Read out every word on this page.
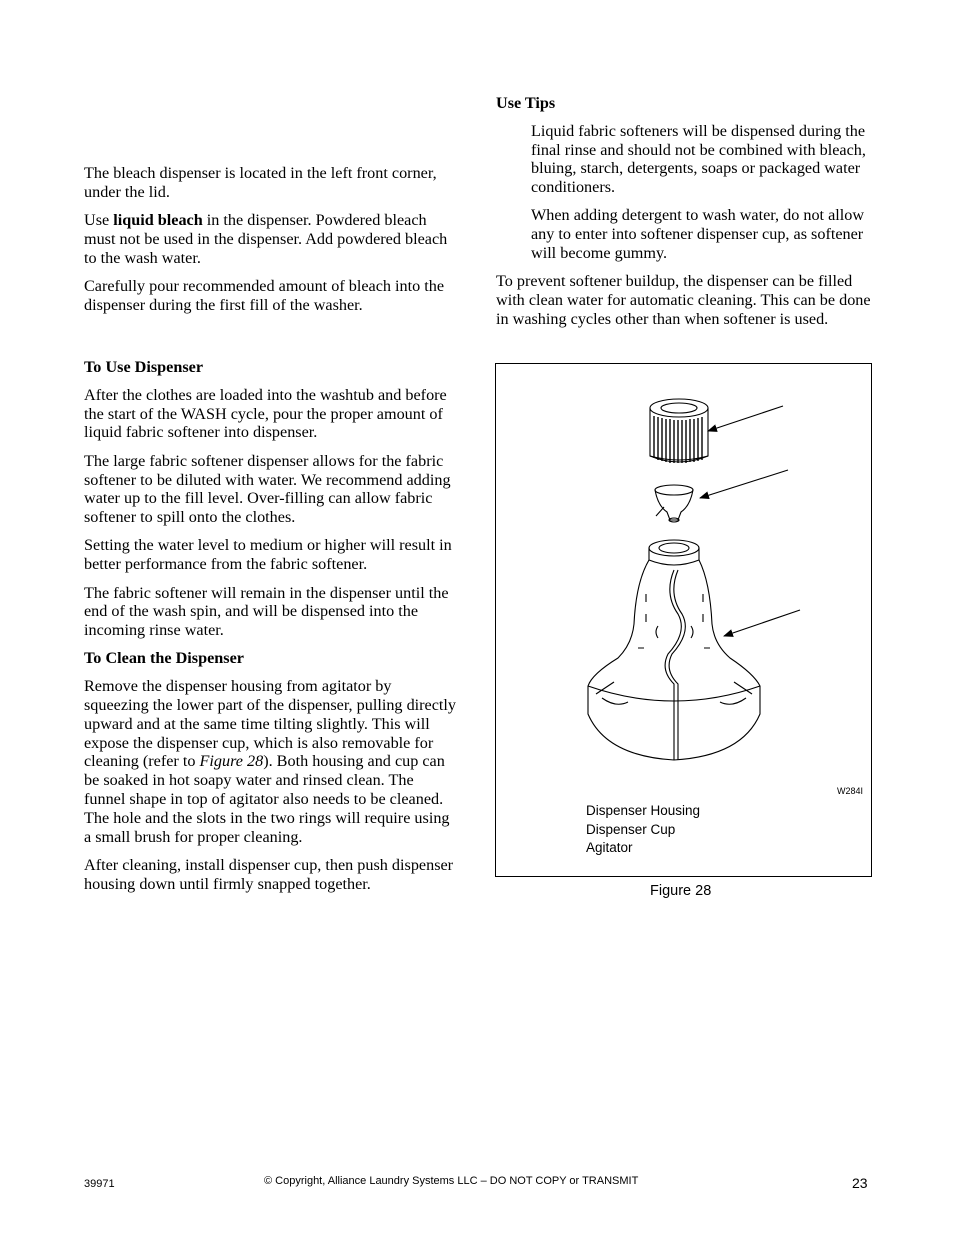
The bleach dispenser is located in the left front corner, under the lid.

Use liquid bleach in the dispenser. Powdered bleach must not be used in the dispenser. Add powdered bleach to the wash water.

Carefully pour recommended amount of bleach into the dispenser during the first fill of the washer.

To Use Dispenser

After the clothes are loaded into the washtub and before the start of the WASH cycle, pour the proper amount of liquid fabric softener into dispenser.

The large fabric softener dispenser allows for the fabric softener to be diluted with water. We recommend adding water up to the fill level. Over-filling can allow fabric softener to spill onto the clothes.

Setting the water level to medium or higher will result in better performance from the fabric softener.

The fabric softener will remain in the dispenser until the end of the wash spin, and will be dispensed into the incoming rinse water.

To Clean the Dispenser

Remove the dispenser housing from agitator by squeezing the lower part of the dispenser, pulling directly upward and at the same time tilting slightly. This will expose the dispenser cup, which is also removable for cleaning (refer to Figure 28). Both housing and cup can be soaked in hot soapy water and rinsed clean. The funnel shape in top of agitator also needs to be cleaned. The hole and the slots in the two rings will require using a small brush for proper cleaning.

After cleaning, install dispenser cup, then push dispenser housing down until firmly snapped together.

Use Tips

Liquid fabric softeners will be dispensed during the final rinse and should not be combined with bleach, bluing, starch, detergents, soaps or packaged water conditioners.

When adding detergent to wash water, do not allow any to enter into softener dispenser cup, as softener will become gummy.

To prevent softener buildup, the dispenser can be filled with clean water for automatic cleaning. This can be done in washing cycles other than when softener is used.

W284I
Dispenser Housing
Dispenser Cup
Agitator
Figure 28
39971	© Copyright, Alliance Laundry Systems LLC – DO NOT COPY or TRANSMIT	23
